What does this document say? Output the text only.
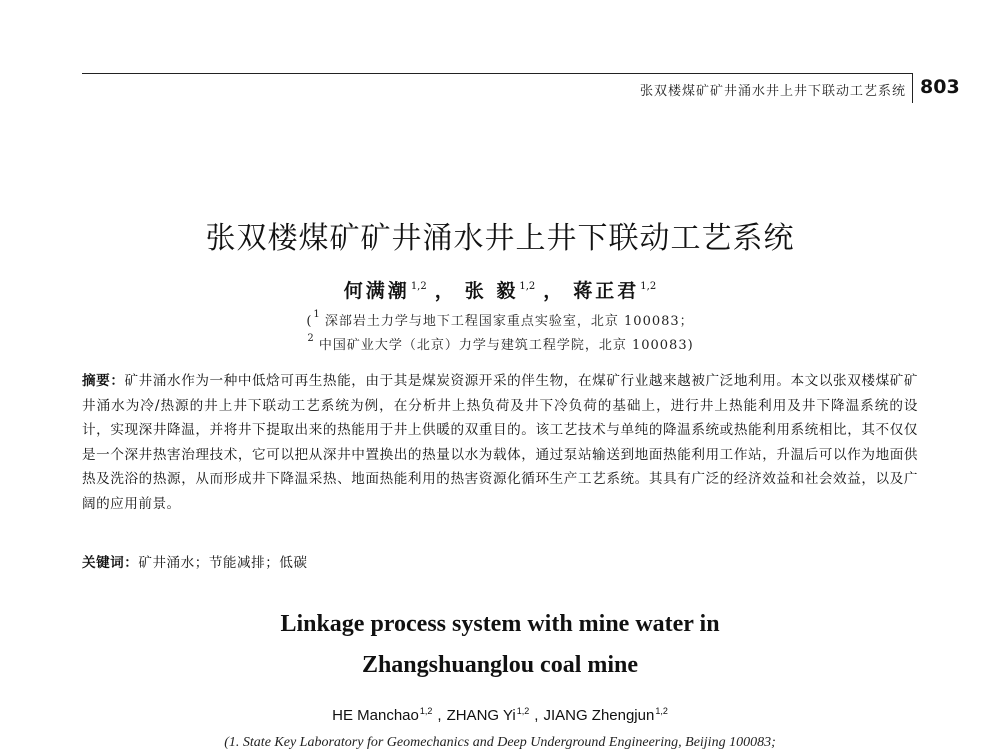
张双楼煤矿矿井涌水井上井下联动工艺系统 803
张双楼煤矿矿井涌水井上井下联动工艺系统
何满潮$^{1,2}$ ， 张 毅$^{1,2}$ ， 蒋正君$^{1,2}$
($^1$ 深部岩土力学与地下工程国家重点实验室，北京 100083；
$^2$ 中国矿业大学（北京）力学与建筑工程学院，北京 100083)
摘要：矿井涌水作为一种中低焓可再生热能，由于其是煤炭资源开采的伴生物，在煤矿行业越来越被广泛地利用。本文以张双楼煤矿矿井涌水为冷/热源的井上井下联动工艺系统为例，在分析井上热负荷及井下冷负荷的基础上，进行井上热能利用及井下降温系统的设计，实现深井降温，并将井下提取出来的热能用于井上供暖的双重目的。该工艺技术与单纯的降温系统或热能利用系统相比，其不仅仅是一个深井热害治理技术，它可以把从深井中置换出的热量以水为载体，通过泵站输送到地面热能利用工作站，升温后可以作为地面供热及洗浴的热源，从而形成井下降温采热、地面热能利用的热害资源化循环生产工艺系统。其具有广泛的经济效益和社会效益，以及广阔的应用前景。
关键词：矿井涌水；节能减排；低碳
Linkage process system with mine water in
Zhangshuanglou coal mine
HE Manchao$^{1,2}$ , ZHANG Yi$^{1,2}$ , JIANG Zhengjun$^{1,2}$
(1. State Key Laboratory for Geomechanics and Deep Underground Engineering, Beijing 100083;
